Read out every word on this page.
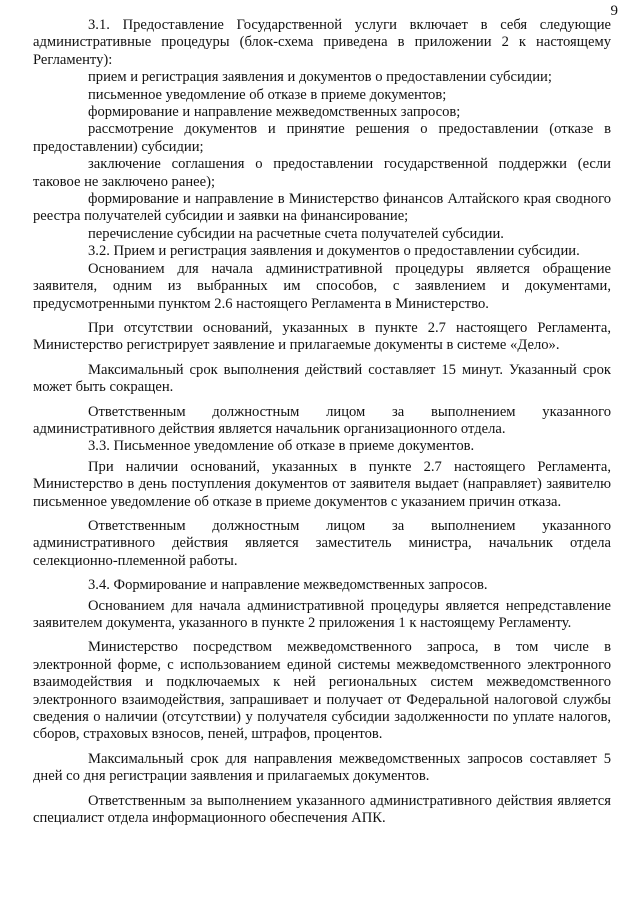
9

3.1. Предоставление Государственной услуги включает в себя следующие административные процедуры (блок-схема приведена в приложении 2 к настоящему Регламенту):

прием и регистрация заявления и документов о предоставлении субсидии;

письменное уведомление об отказе в приеме документов;

формирование и направление межведомственных запросов;

рассмотрение документов и принятие решения о предоставлении (отказе в предоставлении) субсидии;

заключение соглашения о предоставлении государственной поддержки (если таковое не заключено ранее);

формирование и направление в Министерство финансов Алтайского края сводного реестра получателей субсидии и заявки на финансирование;

перечисление субсидии на расчетные счета получателей субсидии.

3.2. Прием и регистрация заявления и документов о предоставлении субсидии.

Основанием для начала административной процедуры является обращение заявителя, одним из выбранных им способов, с заявлением и документами, предусмотренными пунктом 2.6 настоящего Регламента в Министерство.

При отсутствии оснований, указанных в пункте 2.7 настоящего Регламента, Министерство регистрирует заявление и прилагаемые документы в системе «Дело».

Максимальный срок выполнения действий составляет 15 минут. Указанный срок может быть сокращен.

Ответственным должностным лицом за выполнением указанного административного действия является начальник организационного отдела.

3.3. Письменное уведомление об отказе в приеме документов.

При наличии оснований, указанных в пункте 2.7 настоящего Регламента, Министерство в день поступления документов от заявителя выдает (направляет) заявителю письменное уведомление об отказе в приеме документов с указанием причин отказа.

Ответственным должностным лицом за выполнением указанного административного действия является заместитель министра, начальник отдела селекционно-племенной работы.

3.4. Формирование и направление межведомственных запросов.

Основанием для начала административной процедуры является непредставление заявителем документа, указанного в пункте 2 приложения 1 к настоящему Регламенту.

Министерство посредством межведомственного запроса, в том числе в электронной форме, с использованием единой системы межведомственного электронного взаимодействия и подключаемых к ней региональных систем межведомственного электронного взаимодействия, запрашивает и получает от Федеральной налоговой службы сведения о наличии (отсутствии) у получателя субсидии задолженности по уплате налогов, сборов, страховых взносов, пеней, штрафов, процентов.

Максимальный срок для направления межведомственных запросов составляет 5 дней со дня регистрации заявления и прилагаемых документов.

Ответственным за выполнением указанного административного действия является специалист отдела информационного обеспечения АПК.
